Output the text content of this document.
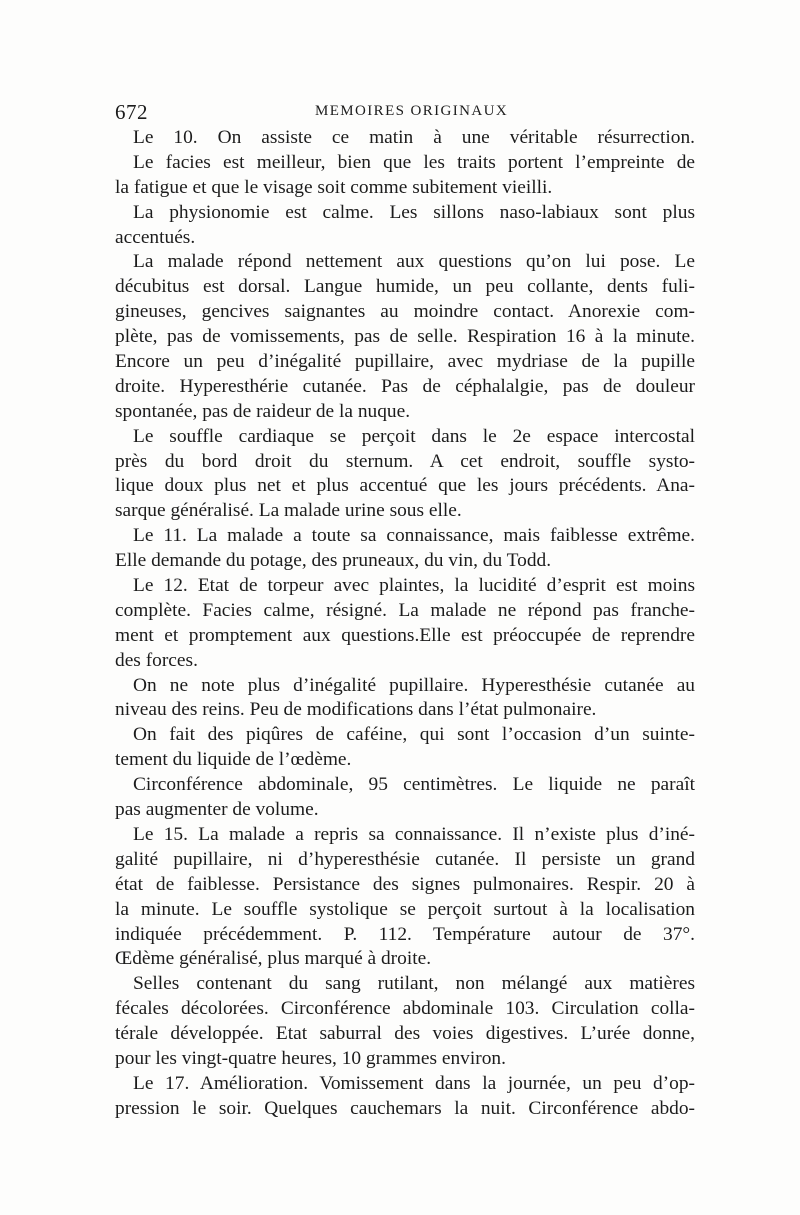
672	MEMOIRES ORIGINAUX
Le 10. On assiste ce matin à une véritable résurrection.
Le facies est meilleur, bien que les traits portent l’empreinte de
la fatigue et que le visage soit comme subitement vieilli.
La physionomie est calme. Les sillons naso-labiaux sont plus
accentués.
La malade répond nettement aux questions qu’on lui pose. Le
décubitus est dorsal. Langue humide, un peu collante, dents fuli-
gineuses, gencives saignantes au moindre contact. Anorexie com-
plète, pas de vomissements, pas de selle. Respiration 16 à la minute.
Encore un peu d’inégalité pupillaire, avec mydriase de la pupille
droite. Hyperesthérie cutanée. Pas de céphalalgie, pas de douleur
spontanée, pas de raideur de la nuque.
Le souffle cardiaque se perçoit dans le 2e espace intercostal
près du bord droit du sternum. A cet endroit, souffle systo-
lique doux plus net et plus accentué que les jours précédents. Ana-
sarque généralisé. La malade urine sous elle.
Le 11. La malade a toute sa connaissance, mais faiblesse extrême.
Elle demande du potage, des pruneaux, du vin, du Todd.
Le 12. Etat de torpeur avec plaintes, la lucidité d’esprit est moins
complète. Facies calme, résigné. La malade ne répond pas franche-
ment et promptement aux questions.Elle est préoccupée de reprendre
des forces.
On ne note plus d’inégalité pupillaire. Hyperesthésie cutanée au
niveau des reins. Peu de modifications dans l’état pulmonaire.
On fait des piqûres de caféine, qui sont l’occasion d’un suinte-
tement du liquide de l’œdème.
Circonférence abdominale, 95 centimètres. Le liquide ne paraît
pas augmenter de volume.
Le 15. La malade a repris sa connaissance. Il n’existe plus d’iné-
galité pupillaire, ni d’hyperesthésie cutanée. Il persiste un grand
état de faiblesse. Persistance des signes pulmonaires. Respir. 20 à
la minute. Le souffle systolique se perçoit surtout à la localisation
indiquée précédemment. P. 112. Température autour de 37°.
Œdème généralisé, plus marqué à droite.
Selles contenant du sang rutilant, non mélangé aux matières
fécales décolorées. Circonférence abdominale 103. Circulation colla-
térale développée. Etat saburral des voies digestives. L’urée donne,
pour les vingt-quatre heures, 10 grammes environ.
Le 17. Amélioration. Vomissement dans la journée, un peu d’op-
pression le soir. Quelques cauchemars la nuit. Circonférence abdo-
